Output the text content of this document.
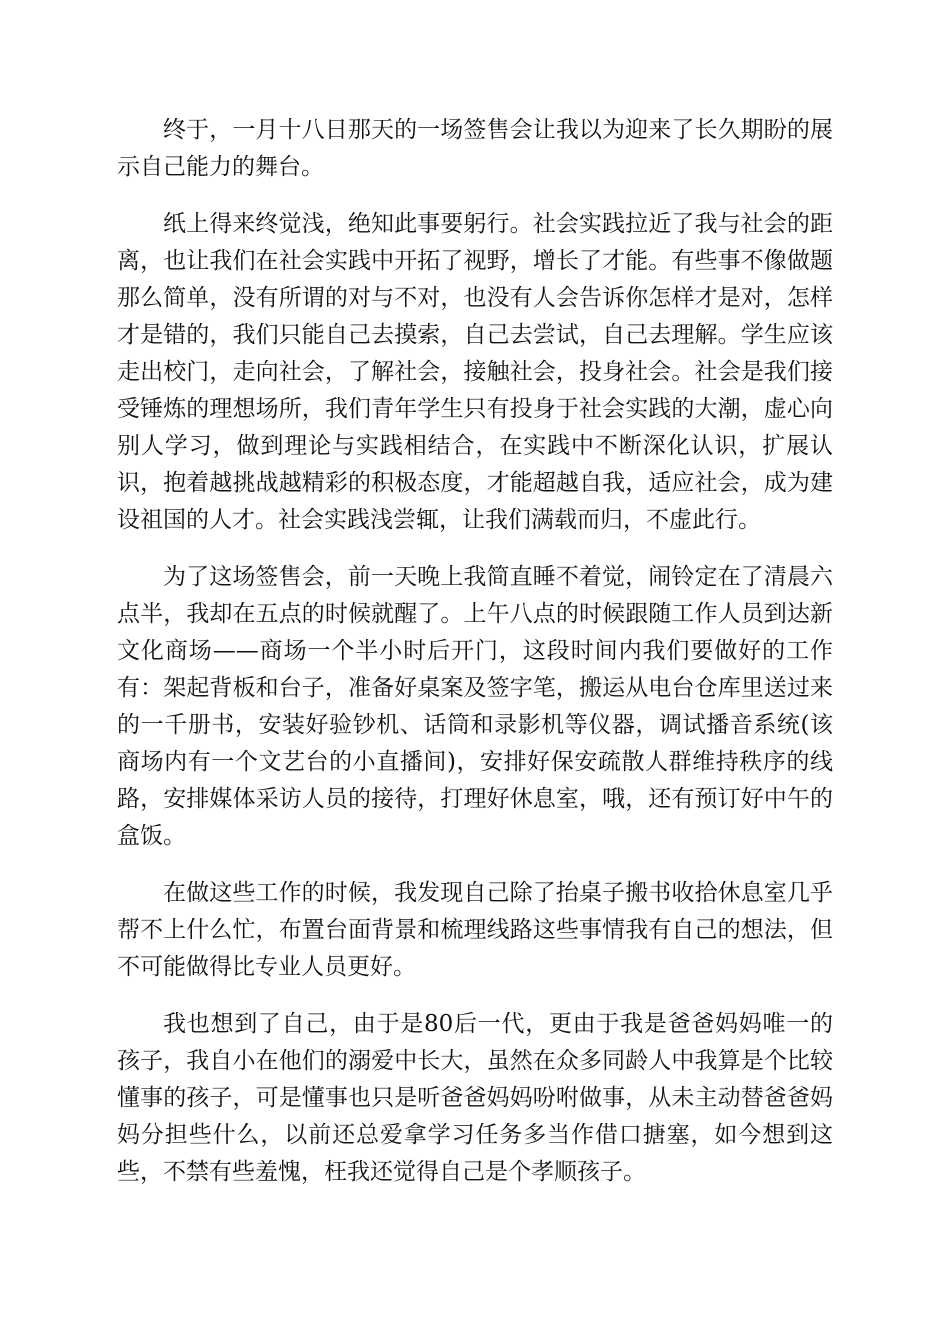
终于，一月十八日那天的一场签售会让我以为迎来了长久期盼的展示自己能力的舞台。

纸上得来终觉浅，绝知此事要躬行。社会实践拉近了我与社会的距离，也让我们在社会实践中开拓了视野，增长了才能。有些事不像做题那么简单，没有所谓的对与不对，也没有人会告诉你怎样才是对，怎样才是错的，我们只能自己去摸索，自己去尝试，自己去理解。学生应该走出校门，走向社会，了解社会，接触社会，投身社会。社会是我们接受锤炼的理想场所，我们青年学生只有投身于社会实践的大潮，虚心向别人学习，做到理论与实践相结合，在实践中不断深化认识，扩展认识，抱着越挑战越精彩的积极态度，才能超越自我，适应社会，成为建设祖国的人才。社会实践浅尝辄，让我们满载而归，不虚此行。

为了这场签售会，前一天晚上我简直睡不着觉，闹铃定在了清晨六点半，我却在五点的时候就醒了。上午八点的时候跟随工作人员到达新文化商场——商场一个半小时后开门，这段时间内我们要做好的工作有：架起背板和台子，准备好桌案及签字笔，搬运从电台仓库里送过来的一千册书，安装好验钞机、话筒和录影机等仪器，调试播音系统(该商场内有一个文艺台的小直播间)，安排好保安疏散人群维持秩序的线路，安排媒体采访人员的接待，打理好休息室，哦，还有预订好中午的盒饭。

在做这些工作的时候，我发现自己除了抬桌子搬书收拾休息室几乎帮不上什么忙，布置台面背景和梳理线路这些事情我有自己的想法，但不可能做得比专业人员更好。

我也想到了自己，由于是80后一代，更由于我是爸爸妈妈唯一的孩子，我自小在他们的溺爱中长大，虽然在众多同龄人中我算是个比较懂事的孩子，可是懂事也只是听爸爸妈妈吩咐做事，从未主动替爸爸妈妈分担些什么，以前还总爱拿学习任务多当作借口搪塞，如今想到这些，不禁有些羞愧，枉我还觉得自己是个孝顺孩子。
